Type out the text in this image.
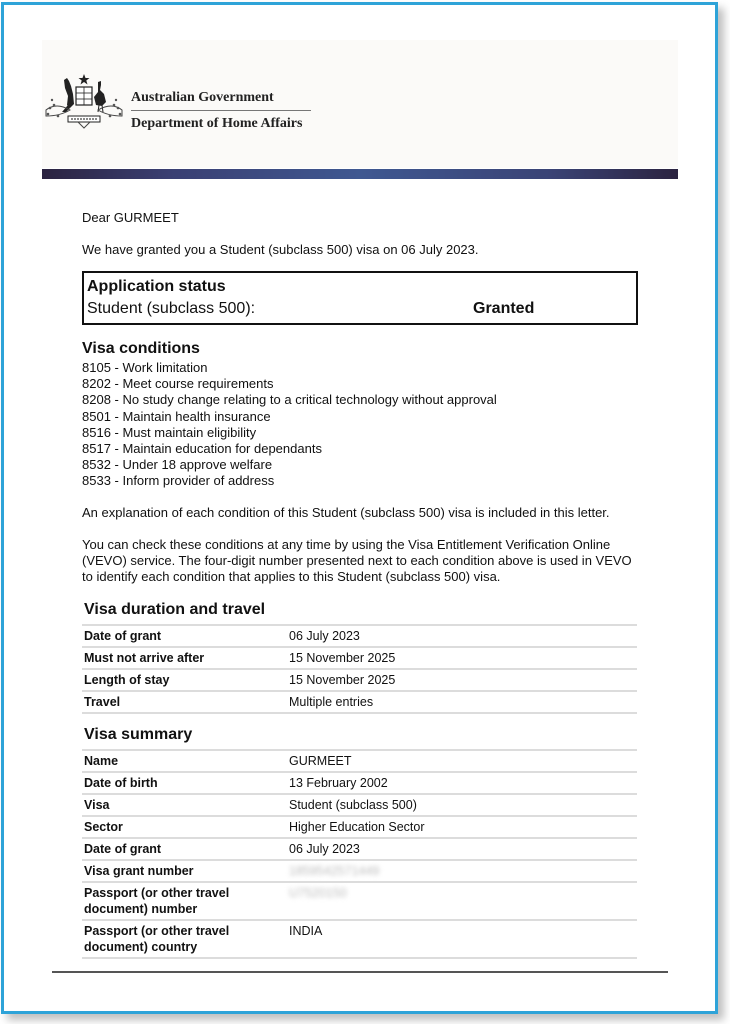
Australian Government
Department of Home Affairs
Dear GURMEET
We have granted you a Student (subclass 500) visa on 06 July 2023.
Application status
Student (subclass 500):	Granted
Visa conditions
8105 - Work limitation
8202 - Meet course requirements
8208 - No study change relating to a critical technology without approval
8501 - Maintain health insurance
8516 - Must maintain eligibility
8517 - Maintain education for dependants
8532 - Under 18 approve welfare
8533 - Inform provider of address

An explanation of each condition of this Student (subclass 500) visa is included in this letter.

You can check these conditions at any time by using the Visa Entitlement Verification Online (VEVO) service. The four-digit number presented next to each condition above is used in VEVO to identify each condition that applies to this Student (subclass 500) visa.

Visa duration and travel
Date of grant	06 July 2023
Must not arrive after	15 November 2025
Length of stay	15 November 2025
Travel	Multiple entries
Visa summary
Name	GURMEET
Date of birth	13 February 2002
Visa	Student (subclass 500)
Sector	Higher Education Sector
Date of grant	06 July 2023
Visa grant number	1859542571449
Passport (or other travel document) number	U7520150
Passport (or other travel document) country	INDIA
